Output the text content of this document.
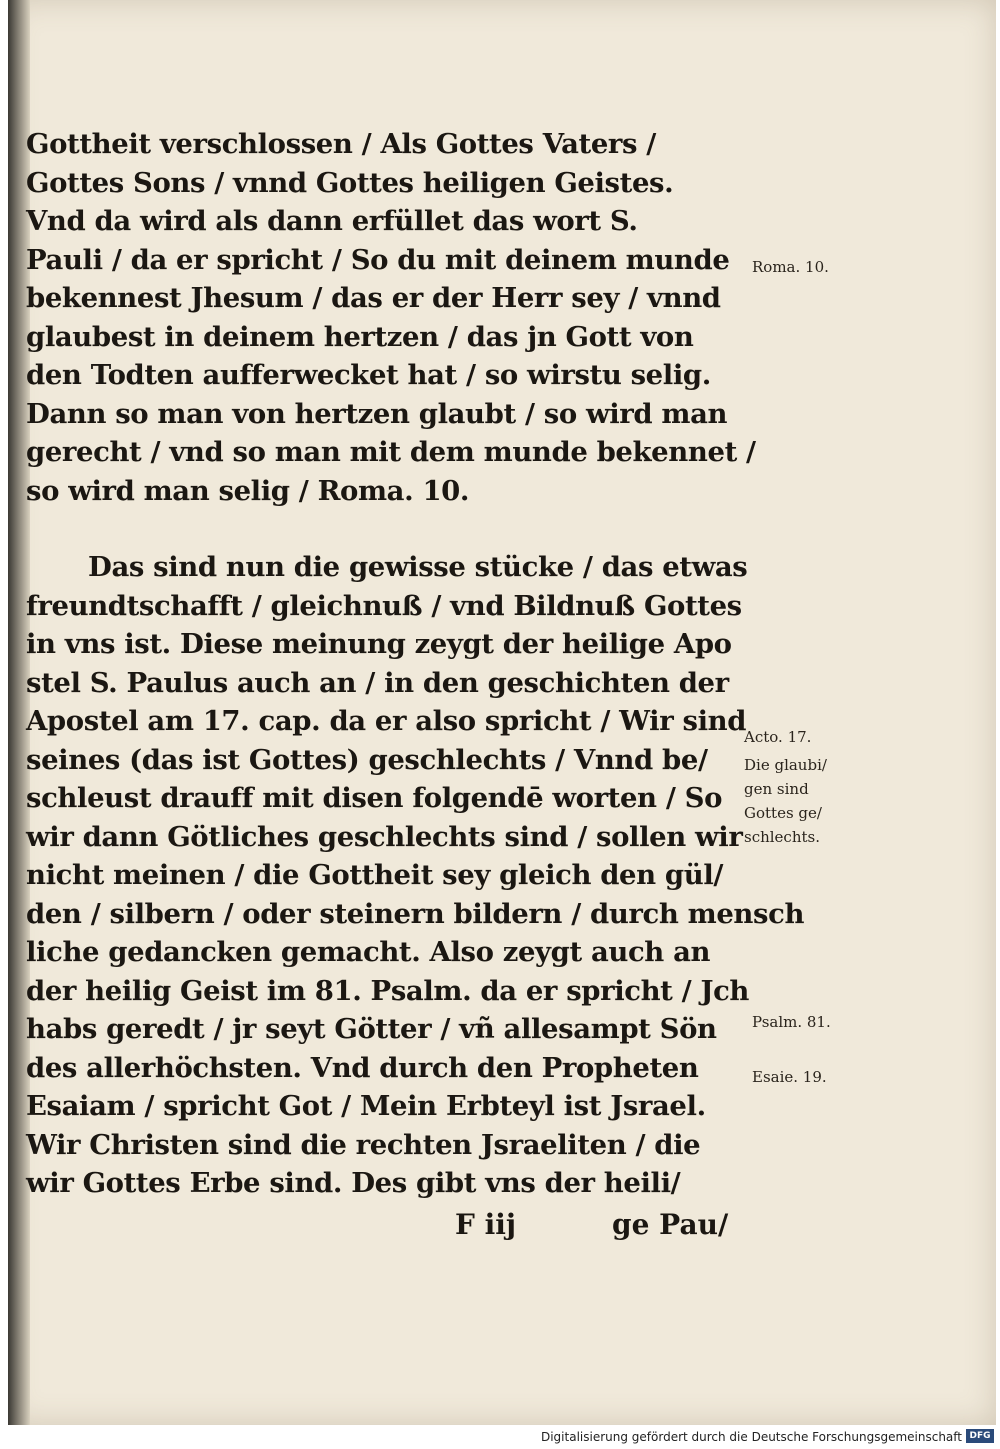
Gottheit verschlossen / Als Gottes Vaters /
Gottes Sons / vnnd Gottes heiligen Geistes.
Vnd da wird als dann erfüllet das wort S.
Pauli / da er spricht / So du mit deinem munde
bekennest Jhesum / das er der Herr sey / vnnd
glaubest in deinem hertzen / das jn Gott von
den Todten aufferwecket hat / so wirstu selig.
Dann so man von hertzen glaubt / so wird man
gerecht / vnd so man mit dem munde bekennet /
so wird man selig / Roma. 10.
Das sind nun die gewisse stücke / das etwas
freundtschafft / gleichnuß / vnd Bildnuß Gottes
in vns ist. Diese meinung zeygt der heilige Apo
stel S. Paulus auch an / in den geschichten der
Apostel am 17. cap. da er also spricht / Wir sind
seines (das ist Gottes) geschlechts / Vnnd be/
schleust drauff mit disen folgendē worten / So
wir dann Götliches geschlechts sind / sollen wir
nicht meinen / die Gottheit sey gleich den gül/
den / silbern / oder steinern bildern / durch mensch
liche gedancken gemacht. Also zeygt auch an
der heilig Geist im 81. Psalm. da er spricht / Jch
habs geredt / jr seyt Götter / vñ allesampt Sön
des allerhöchsten. Vnd durch den Propheten
Esaiam / spricht Got / Mein Erbteyl ist Jsrael.
Wir Christen sind die rechten Jsraeliten / die
wir Gottes Erbe sind. Des gibt vns der heili/
Roma. 10.
Acto. 17.
Die glaubi/
gen sind
Gottes ge/
schlechts.
Psalm. 81.
Esaie. 19.
F iij	ge Pau/
Digitalisierung gefördert durch die Deutsche Forschungsgemeinschaft DFG
